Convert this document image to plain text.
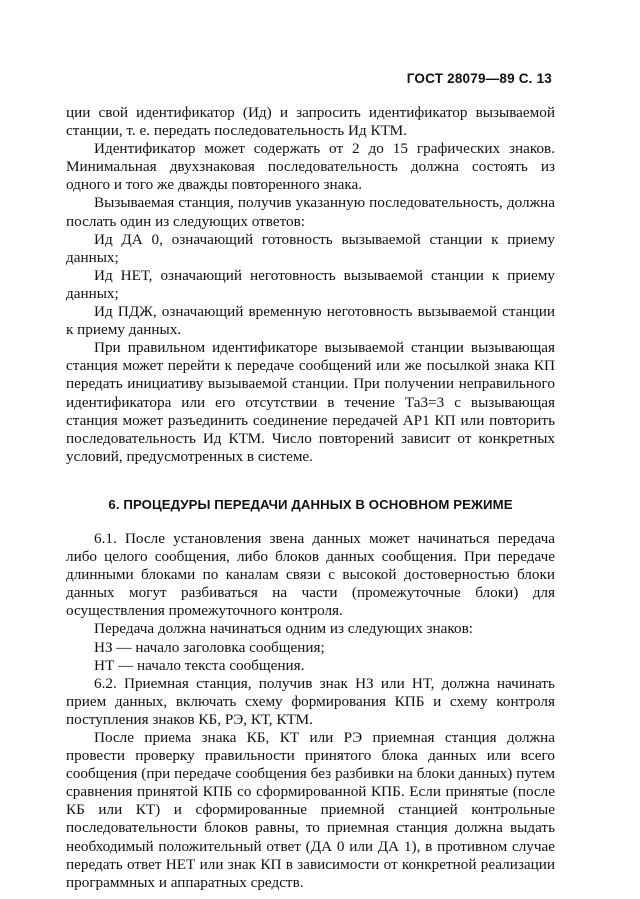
ГОСТ 28079—89 С. 13

ции свой идентификатор (Ид) и запросить идентификатор вызываемой станции, т. е. передать последовательность Ид КТМ.

Идентификатор может содержать от 2 до 15 графических знаков. Минимальная двухзнаковая последовательность должна состоять из одного и того же дважды повторенного знака.

Вызываемая станция, получив указанную последовательность, должна послать один из следующих ответов:

Ид ДА 0, означающий готовность вызываемой станции к приему данных;

Ид НЕТ, означающий неготовность вызываемой станции к приему данных;

Ид ПДЖ, означающий временную неготовность вызываемой станции к приему данных.

При правильном идентификаторе вызываемой станции вызывающая станция может перейти к передаче сообщений или же посылкой знака КП передать инициативу вызываемой станции. При получении неправильного идентификатора или его отсутствии в течение Та3=3 с вызывающая станция может разъединить соединение передачей АР1 КП или повторить последовательность Ид КТМ. Число повторений зависит от конкретных условий, предусмотренных в системе.

6. ПРОЦЕДУРЫ ПЕРЕДАЧИ ДАННЫХ В ОСНОВНОМ РЕЖИМЕ

6.1. После установления звена данных может начинаться передача либо целого сообщения, либо блоков данных сообщения. При передаче длинными блоками по каналам связи с высокой достоверностью блоки данных могут разбиваться на части (промежуточные блоки) для осуществления промежуточного контроля.

Передача должна начинаться одним из следующих знаков:

НЗ — начало заголовка сообщения;

НТ — начало текста сообщения.

6.2. Приемная станция, получив знак НЗ или НТ, должна начинать прием данных, включать схему формирования КПБ и схему контроля поступления знаков КБ, РЭ, КТ, КТМ.

После приема знака КБ, КТ или РЭ приемная станция должна провести проверку правильности принятого блока данных или всего сообщения (при передаче сообщения без разбивки на блоки данных) путем сравнения принятой КПБ со сформированной КПБ. Если принятые (после КБ или КТ) и сформированные приемной станцией контрольные последовательности блоков равны, то приемная станция должна выдать необходимый положительный ответ (ДА 0 или ДА 1), в противном случае передать ответ НЕТ или знак КП в зависимости от конкретной реализации программных и аппаратных средств.
